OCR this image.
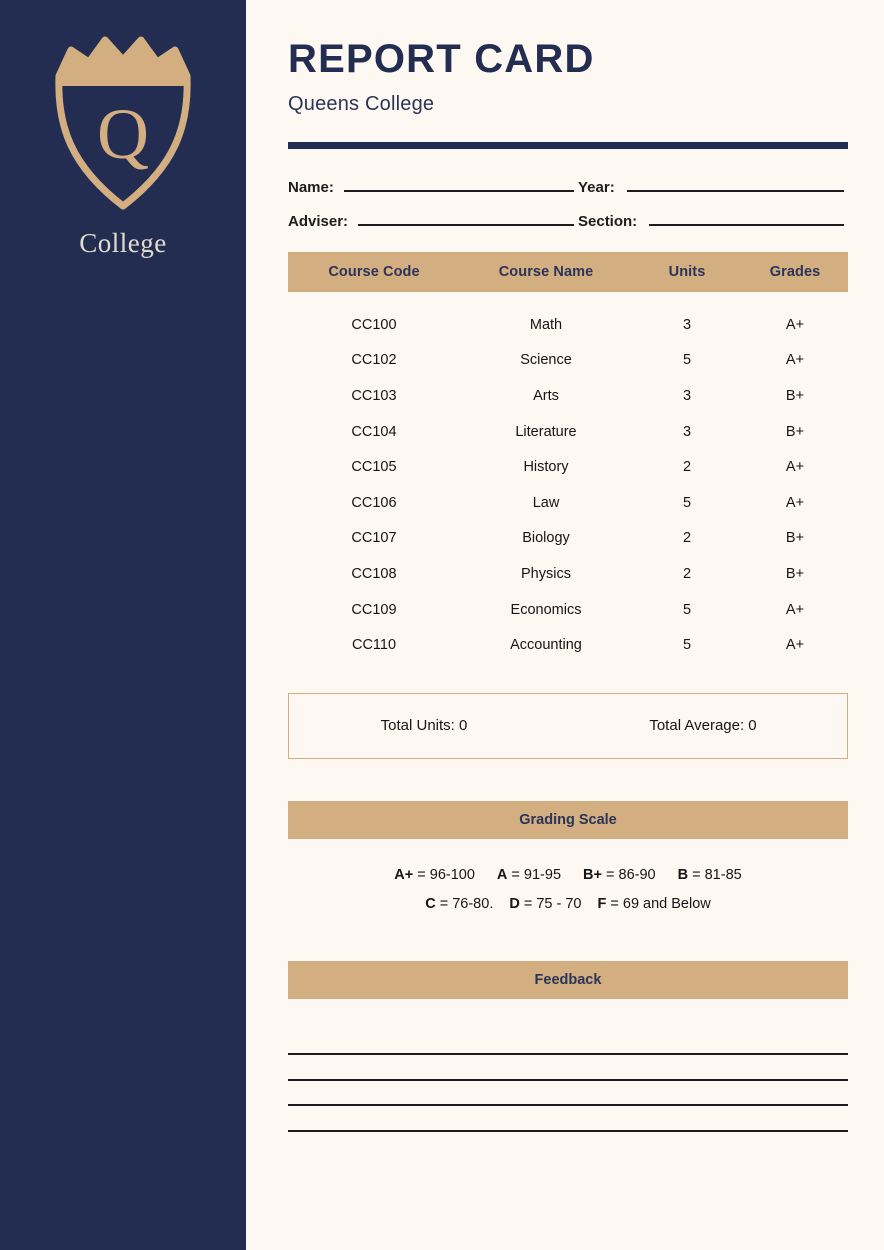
Q
College
REPORT CARD
Queens College
Name:	Year:
Adviser:	Section:
Course Code	Course Name	Units	Grades
CC100	Math	3	A+
CC102	Science	5	A+
CC103	Arts	3	B+
CC104	Literature	3	B+
CC105	History	2	A+
CC106	Law	5	A+
CC107	Biology	2	B+
CC108	Physics	2	B+
CC109	Economics	5	A+
CC110	Accounting	5	A+
Total Units: 0	Total Average: 0
Grading Scale
A+ = 96-100 A = 91-95 B+ = 86-90 B = 81-85
C = 76-80. D = 75 - 70 F = 69 and Below
Feedback
